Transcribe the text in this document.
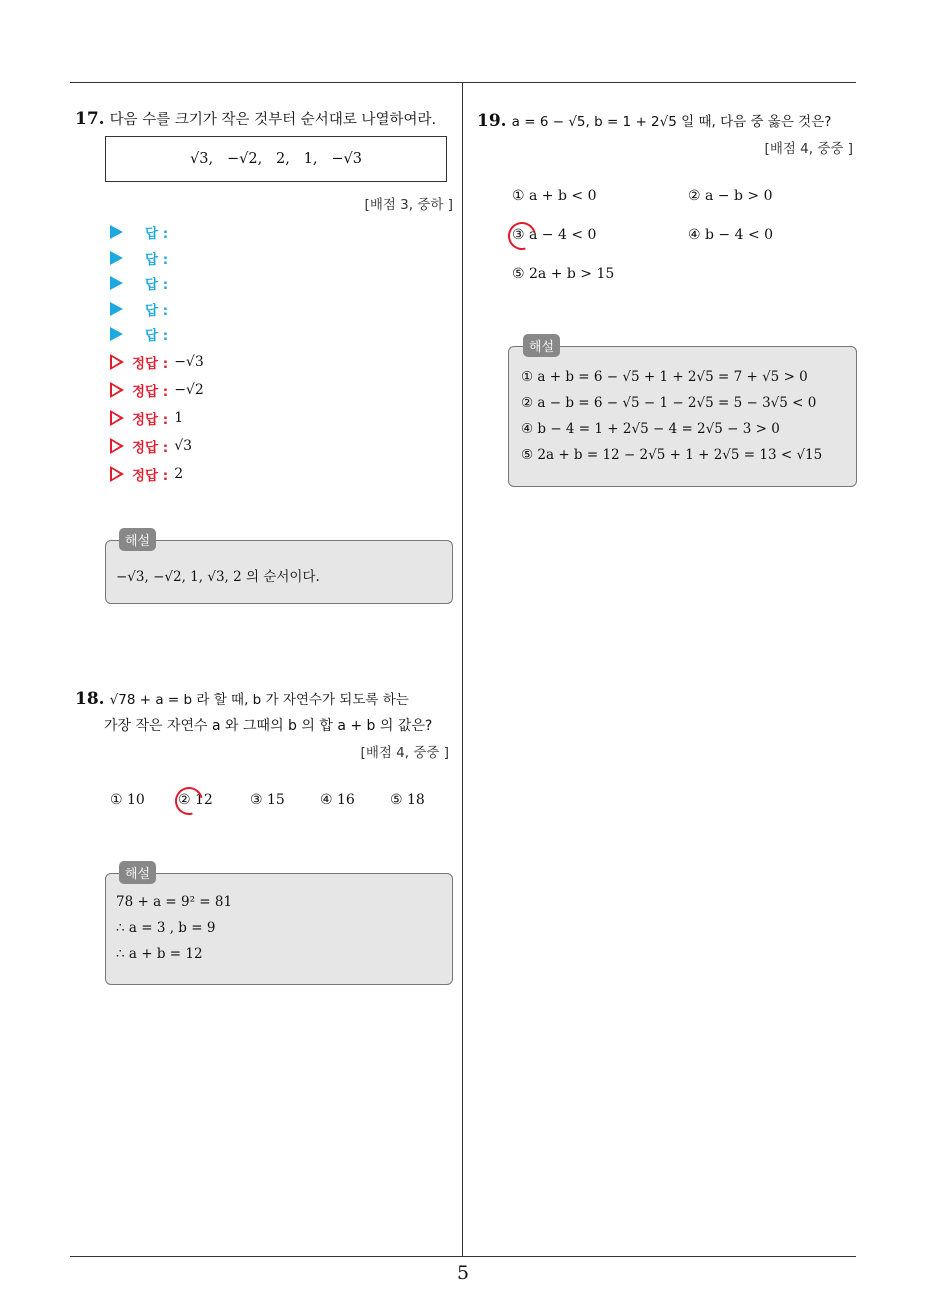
5
17. 다음 수를 크기가 작은 것부터 순서대로 나열하여라.
√3,   −√2,   2,   1,   −√3
[배점 3, 중하 ]
답 :
답 :
답 :
답 :
답 :
정답 : −√3
정답 : −√2
정답 : 1
정답 : √3
정답 : 2
−√3, −√2, 1, √3, 2 의 순서이다.
해설
18. √78 + a = b 라 할 때, b 가 자연수가 되도록 하는
가장 작은 자연수 a 와 그때의 b 의 합 a + b 의 값은?
[배점 4, 중중 ]
① 10 ② 12	③ 15	④ 16	⑤ 18
78 + a = 9² = 81
∴ a = 3 , b = 9
∴ a + b = 12
해설
19. a = 6 − √5, b = 1 + 2√5 일 때, 다음 중 옳은 것은?
[배점 4, 중중 ]
① a + b < 0	② a − b > 0
③ a − 4 < 0	④ b − 4 < 0
⑤ 2a + b > 15
① a + b = 6 − √5 + 1 + 2√5 = 7 + √5 > 0
② a − b = 6 − √5 − 1 − 2√5 = 5 − 3√5 < 0
④ b − 4 = 1 + 2√5 − 4 = 2√5 − 3 > 0
⑤ 2a + b = 12 − 2√5 + 1 + 2√5 = 13 < √15
해설
